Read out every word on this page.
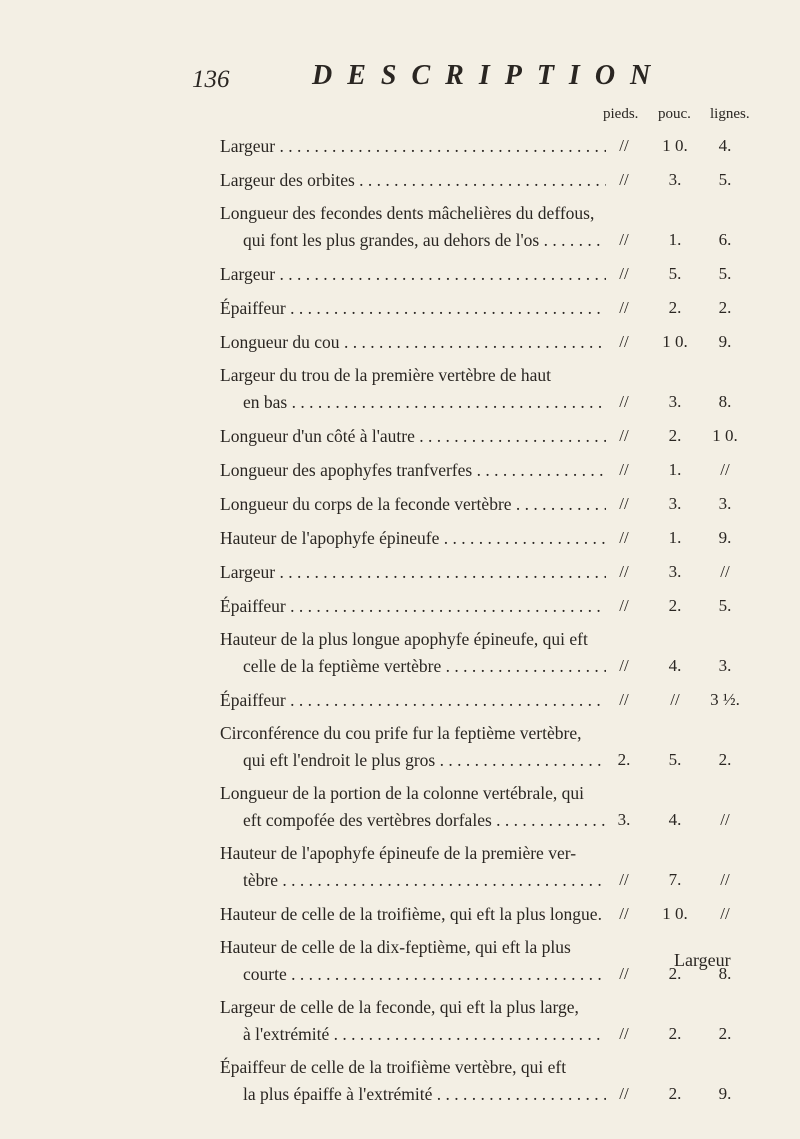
136	DESCRIPTION
pieds. pouc. lignes.
Largeur . . .	//	1 0.	4.
Largeur des orbites . . .	//	3.	5.
Longueur des fecondes dents mâchelières du deffous,
qui font les plus grandes, au dehors de l'os . . .	//	1.	6.
Largeur . . .	//	5.	5.
Épaiffeur . . .	//	2.	2.
Longueur du cou . . .	//	1 0.	9.
Largeur du trou de la première vertèbre de haut
en bas . . .	//	3.	8.
Longueur d'un côté à l'autre . . .	//	2.	1 0.
Longueur des apophyfes tranfverfes . . .	//	1.	//
Longueur du corps de la feconde vertèbre . . .	//	3.	3.
Hauteur de l'apophyfe épineufe . . .	//	1.	9.
Largeur . . .	//	3.	//
Épaiffeur . . .	//	2.	5.
Hauteur de la plus longue apophyfe épineufe, qui eft
celle de la feptième vertèbre . . .	//	4.	3.
Épaiffeur . . .	//	//	3 ½.
Circonférence du cou prife fur la feptième vertèbre,
qui eft l'endroit le plus gros . . .	2.	5.	2.
Longueur de la portion de la colonne vertébrale, qui
eft compofée des vertèbres dorfales . . .	3.	4.	//
Hauteur de l'apophyfe épineufe de la première ver-
tèbre . . .	//	7.	//
Hauteur de celle de la troifième, qui eft la plus longue. . . .	//	1 0.	//
Hauteur de celle de la dix-feptième, qui eft la plus
courte . . .	//	2.	8.
Largeur de celle de la feconde, qui eft la plus large,
à l'extrémité . . .	//	2.	2.
Épaiffeur de celle de la troifième vertèbre, qui eft
la plus épaiffe à l'extrémité . . .	//	2.	9.
Largeur
